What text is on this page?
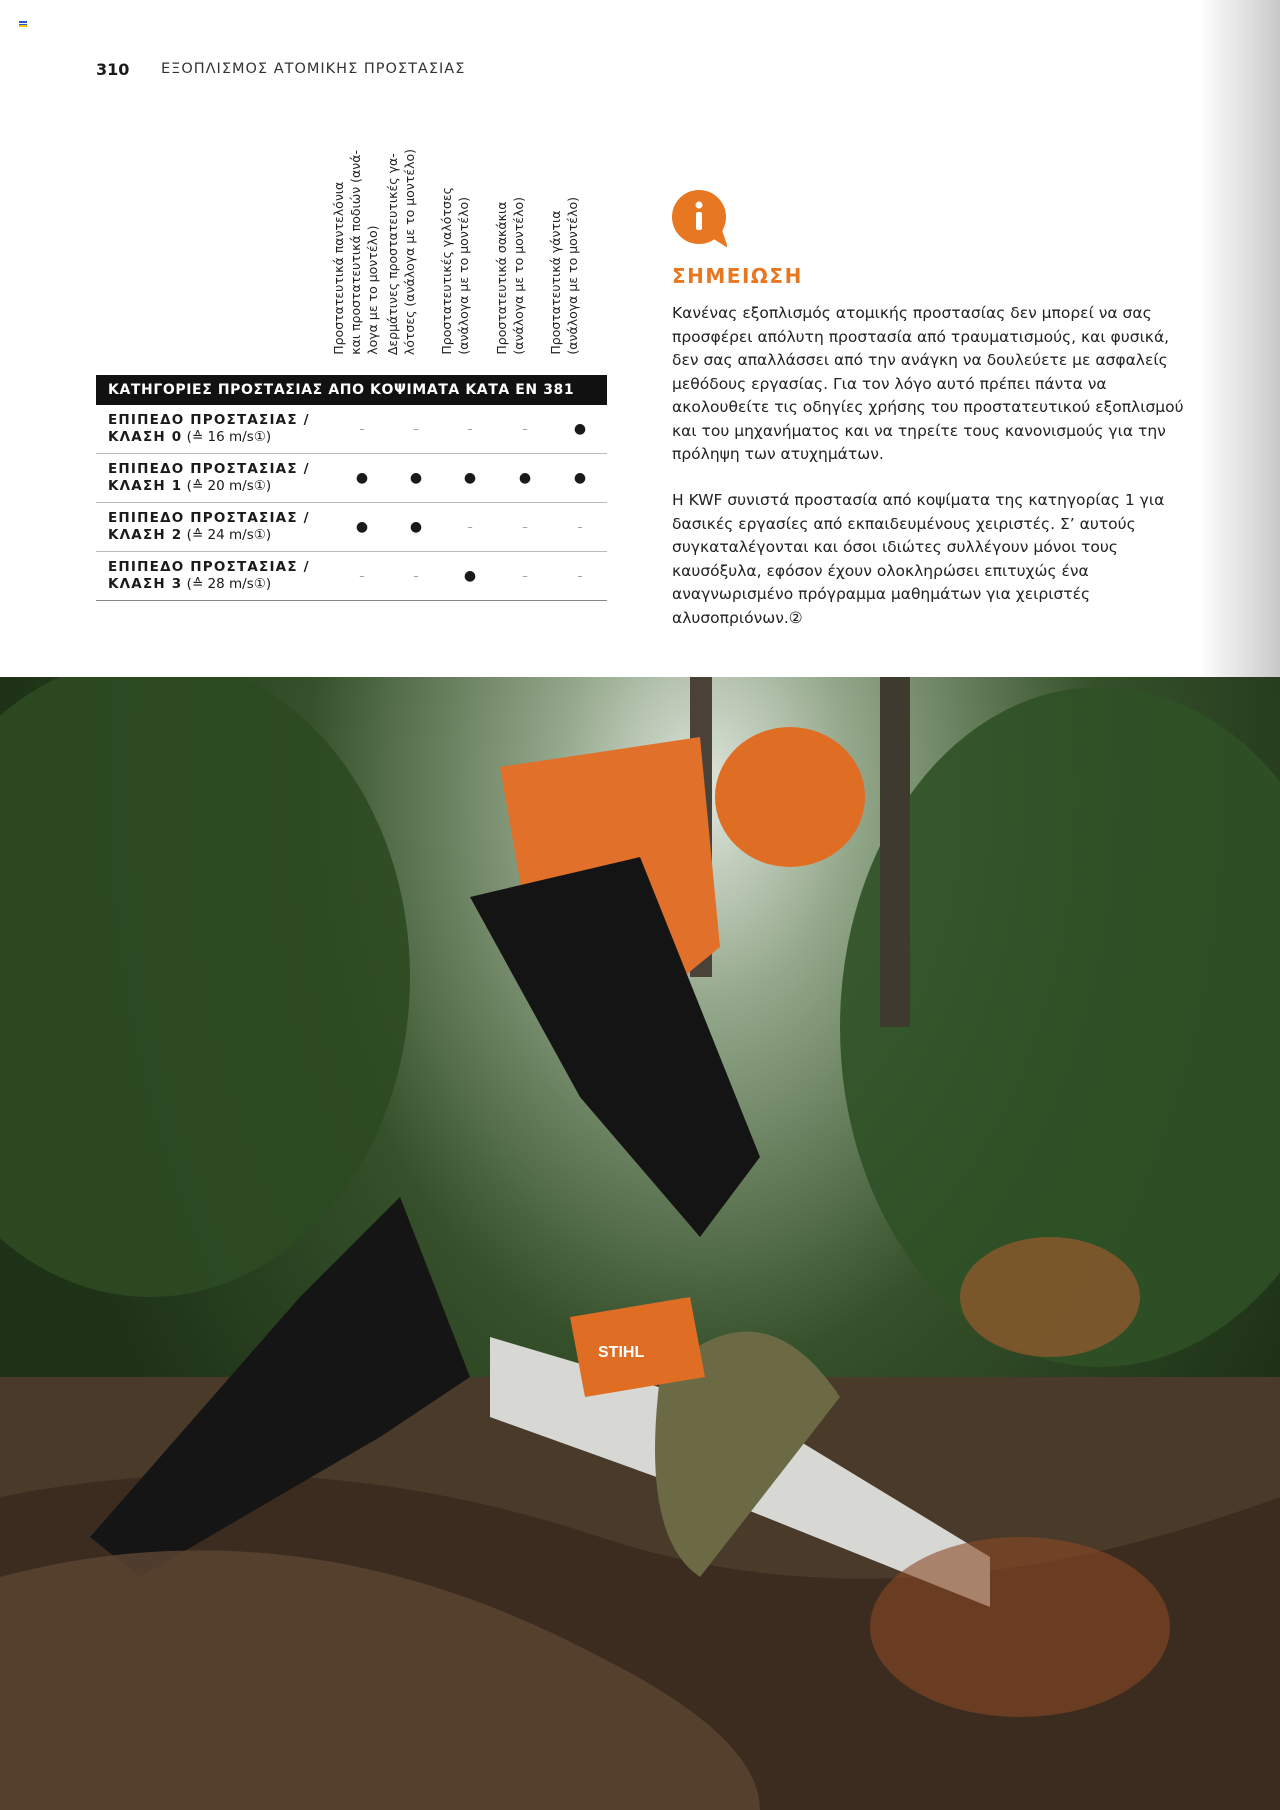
310 ΕΞΟΠΛΙΣΜΟΣ ΑΤΟΜΙΚΗΣ ΠΡΟΣΤΑΣΙΑΣ
Προστατευτικά παντελόνια
και προστατευτικά ποδιών (ανά-
λογα με το μοντέλο)
Δερμάτινες προστατευτικές γα-
λότσες (ανάλογα με το μοντέλο)
Προστατευτικές γαλότσες
(ανάλογα με το μοντέλο)
Προστατευτικά σακάκια
(ανάλογα με το μοντέλο)
Προστατευτικά γάντια
(ανάλογα με το μοντέλο)
ΚΑΤΗΓΟΡΙΕΣ ΠΡΟΣΤΑΣΙΑΣ ΑΠΟ ΚΟΨΙΜΑΤΑ ΚΑΤΑ ΕΝ 381
ΕΠΙΠΕΔΟ ΠΡΟΣΤΑΣΙΑΣ /
ΚΛΑΣΗ 0 (≙ 16 m/s①)	–	–	–	–	●
ΕΠΙΠΕΔΟ ΠΡΟΣΤΑΣΙΑΣ /
ΚΛΑΣΗ 1 (≙ 20 m/s①)	●	●	●	●	●
ΕΠΙΠΕΔΟ ΠΡΟΣΤΑΣΙΑΣ /
ΚΛΑΣΗ 2 (≙ 24 m/s①)	●	●	–	–	–
ΕΠΙΠΕΔΟ ΠΡΟΣΤΑΣΙΑΣ /
ΚΛΑΣΗ 3 (≙ 28 m/s①)	–	–	●	–	–
ΣΗΜΕΙΩΣΗ

Κανένας εξοπλισμός ατομικής προστασίας δεν μπορεί να σας προσφέρει απόλυτη προστασία από τραυματισμούς, και φυσικά, δεν σας απαλλάσσει από την ανάγκη να δουλεύετε με ασφαλείς μεθόδους εργασίας. Για τον λόγο αυτό πρέπει πάντα να ακολουθείτε τις οδηγίες χρήσης του προστατευτικού εξοπλισμού και του μηχανήματος και να τηρείτε τους κανονισμούς για την πρόληψη των ατυχημάτων.

Η KWF συνιστά προστασία από κοψίματα της κατηγορίας 1 για δασικές εργασίες από εκπαιδευμένους χειριστές. Σ’ αυτούς συγκαταλέγονται και όσοι ιδιώτες συλλέγουν μόνοι τους καυσόξυλα, εφόσον έχουν ολοκληρώσει επιτυχώς ένα αναγνωρισμένο πρόγραμμα μαθημάτων για χειριστές αλυσοπριόνων.②

STIHL
